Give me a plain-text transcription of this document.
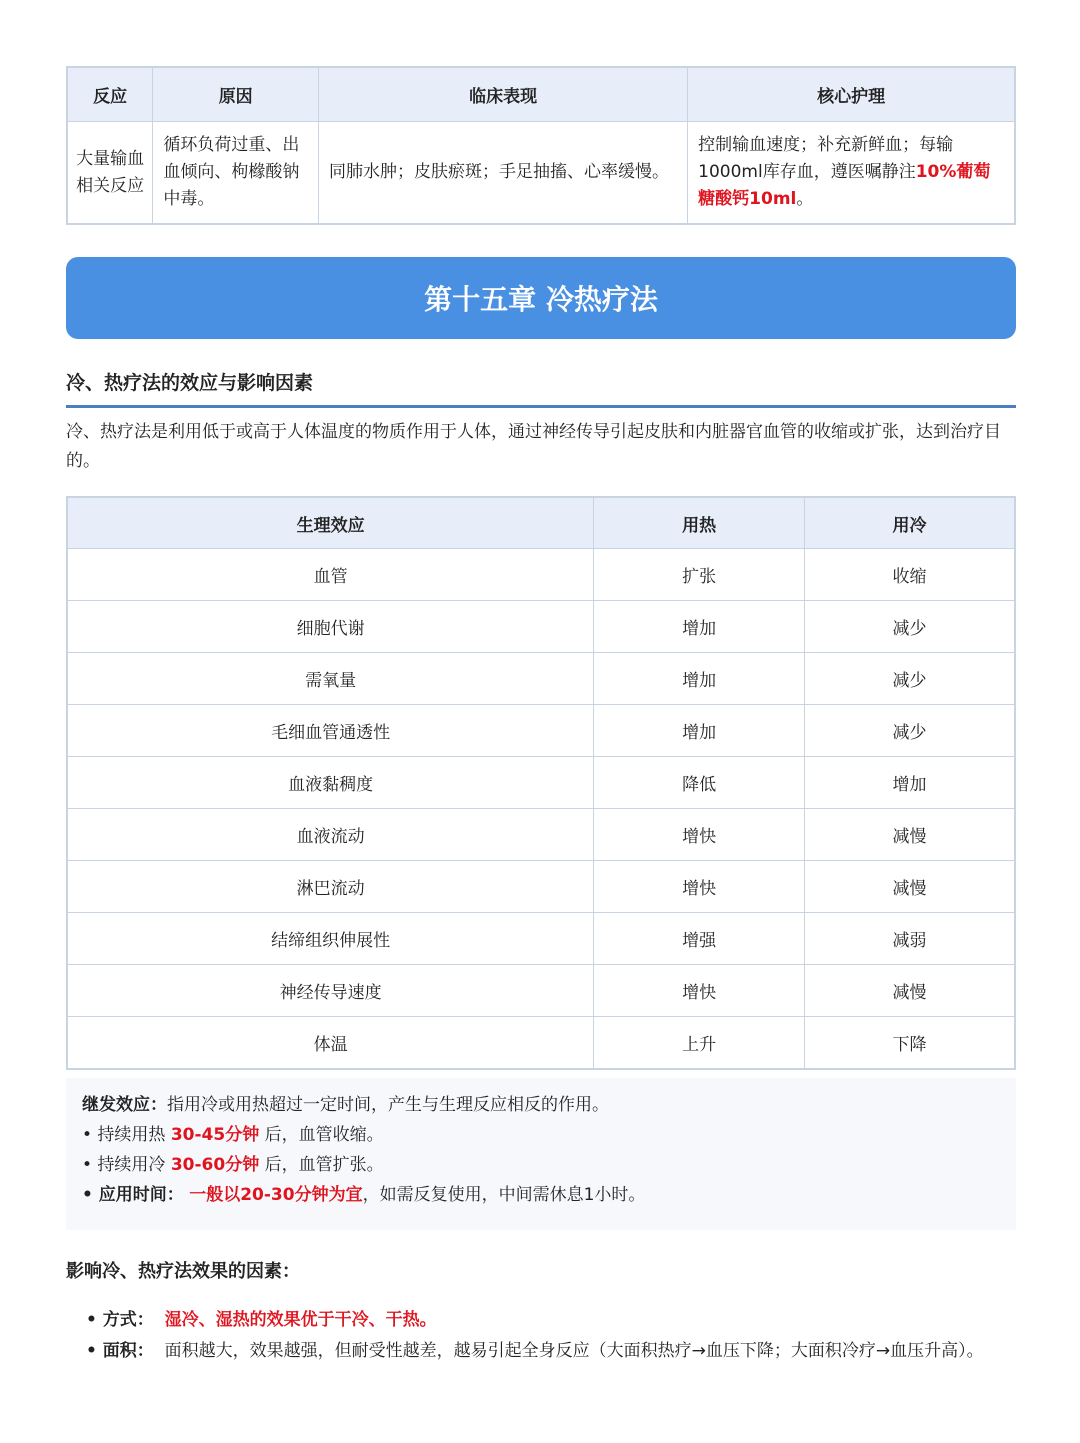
反应	原因	临床表现	核心护理
大量输血相关反应	循环负荷过重、出血倾向、枸橼酸钠中毒。	同肺水肿；皮肤瘀斑；手足抽搐、心率缓慢。	控制输血速度；补充新鲜血；每输1000ml库存血，遵医嘱静注10%葡萄糖酸钙10ml。
第十五章 冷热疗法
冷、热疗法的效应与影响因素
冷、热疗法是利用低于或高于人体温度的物质作用于人体，通过神经传导引起皮肤和内脏器官血管的收缩或扩张，达到治疗目的。
生理效应	用热	用冷
血管	扩张	收缩
细胞代谢	增加	减少
需氧量	增加	减少
毛细血管通透性	增加	减少
血液黏稠度	降低	增加
血液流动	增快	减慢
淋巴流动	增快	减慢
结缔组织伸展性	增强	减弱
神经传导速度	增快	减慢
体温	上升	下降
继发效应：指用冷或用热超过一定时间，产生与生理反应相反的作用。
• 持续用热 30-45分钟 后，血管收缩。
• 持续用冷 30-60分钟 后，血管扩张。
• 应用时间： 一般以20-30分钟为宜，如需反复使用，中间需休息1小时。
影响冷、热疗法效果的因素：
• 方式： 湿冷、湿热的效果优于干冷、干热。
• 面积： 面积越大，效果越强，但耐受性越差，越易引起全身反应（大面积热疗→血压下降；大面积冷疗→血压升高）。
